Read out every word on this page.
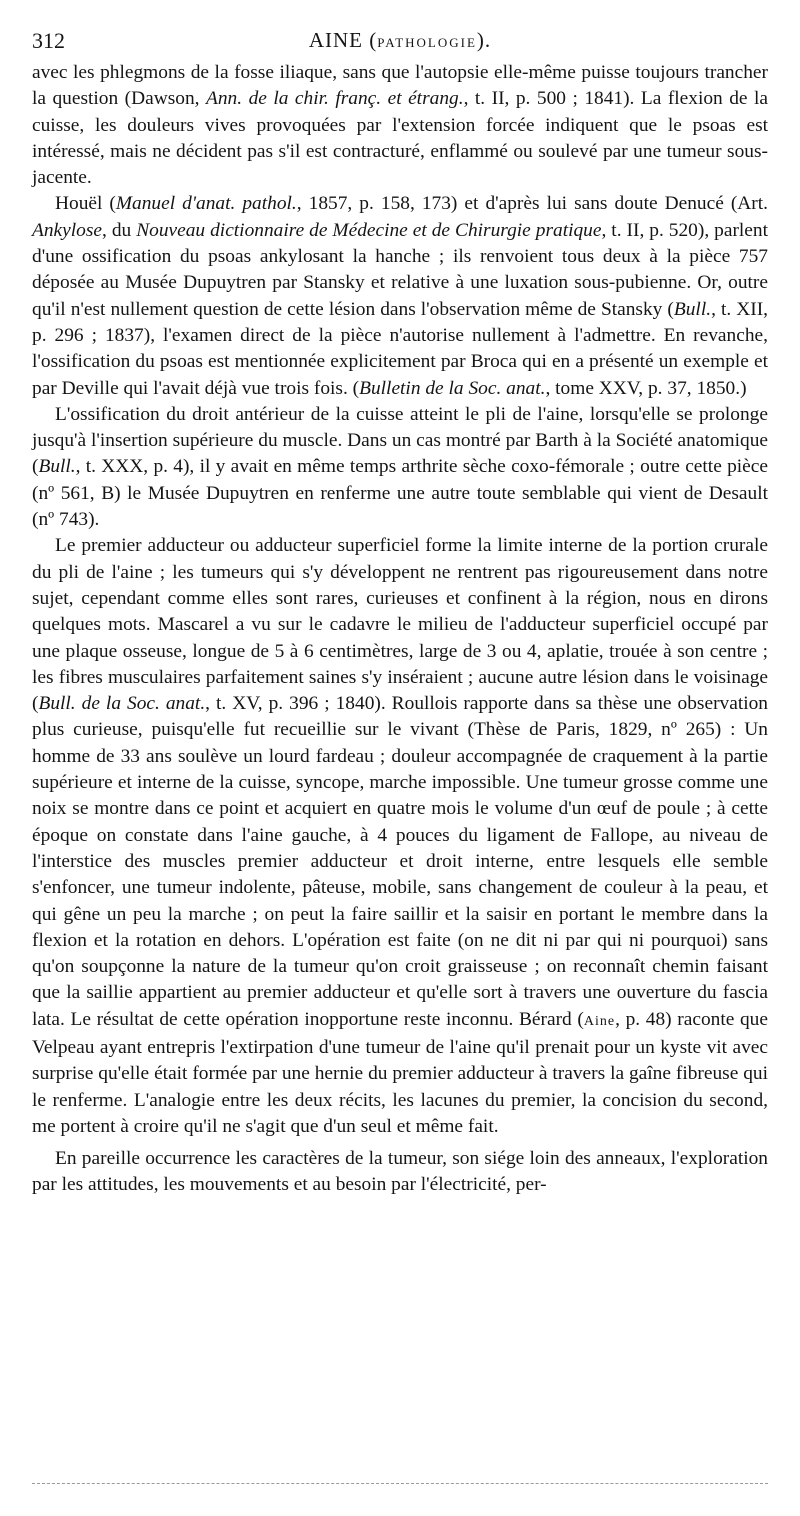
312	AINE (PATHOLOGIE).

avec les phlegmons de la fosse iliaque, sans que l'autopsie elle-même puisse toujours trancher la question (Dawson, Ann. de la chir. franç. et étrang., t. II, p. 500 ; 1841). La flexion de la cuisse, les douleurs vives provoquées par l'extension forcée indiquent que le psoas est intéressé, mais ne décident pas s'il est contracturé, enflammé ou soulevé par une tumeur sous-jacente.

Houël (Manuel d'anat. pathol., 1857, p. 158, 173) et d'après lui sans doute Denucé (Art. Ankylose, du Nouveau dictionnaire de Médecine et de Chirurgie pratique, t. II, p. 520), parlent d'une ossification du psoas ankylosant la hanche ; ils renvoient tous deux à la pièce 757 déposée au Musée Dupuytren par Stansky et relative à une luxation sous-pubienne. Or, outre qu'il n'est nullement question de cette lésion dans l'observation même de Stansky (Bull., t. XII, p. 296 ; 1837), l'examen direct de la pièce n'autorise nullement à l'admettre. En revanche, l'ossification du psoas est mentionnée explicitement par Broca qui en a présenté un exemple et par Deville qui l'avait déjà vue trois fois. (Bulletin de la Soc. anat., tome XXV, p. 37, 1850.)

L'ossification du droit antérieur de la cuisse atteint le pli de l'aine, lorsqu'elle se prolonge jusqu'à l'insertion supérieure du muscle. Dans un cas montré par Barth à la Société anatomique (Bull., t. XXX, p. 4), il y avait en même temps arthrite sèche coxo-fémorale ; outre cette pièce (nº 561, B) le Musée Dupuytren en renferme une autre toute semblable qui vient de Desault (nº 743).

Le premier adducteur ou adducteur superficiel forme la limite interne de la portion crurale du pli de l'aine ; les tumeurs qui s'y développent ne rentrent pas rigoureusement dans notre sujet, cependant comme elles sont rares, curieuses et confinent à la région, nous en dirons quelques mots. Mascarel a vu sur le cadavre le milieu de l'adducteur superficiel occupé par une plaque osseuse, longue de 5 à 6 centimètres, large de 3 ou 4, aplatie, trouée à son centre ; les fibres musculaires parfaitement saines s'y inséraient ; aucune autre lésion dans le voisinage (Bull. de la Soc. anat., t. XV, p. 396 ; 1840). Roullois rapporte dans sa thèse une observation plus curieuse, puisqu'elle fut recueillie sur le vivant (Thèse de Paris, 1829, nº 265) : Un homme de 33 ans soulève un lourd fardeau ; douleur accompagnée de craquement à la partie supérieure et interne de la cuisse, syncope, marche impossible. Une tumeur grosse comme une noix se montre dans ce point et acquiert en quatre mois le volume d'un œuf de poule ; à cette époque on constate dans l'aine gauche, à 4 pouces du ligament de Fallope, au niveau de l'interstice des muscles premier adducteur et droit interne, entre lesquels elle semble s'enfoncer, une tumeur indolente, pâteuse, mobile, sans changement de couleur à la peau, et qui gêne un peu la marche ; on peut la faire saillir et la saisir en portant le membre dans la flexion et la rotation en dehors. L'opération est faite (on ne dit ni par qui ni pourquoi) sans qu'on soupçonne la nature de la tumeur qu'on croit graisseuse ; on reconnaît chemin faisant que la saillie appartient au premier adducteur et qu'elle sort à travers une ouverture du fascia lata. Le résultat de cette opération inopportune reste inconnu. Bérard (Aine, p. 48) raconte que Velpeau ayant entrepris l'extirpation d'une tumeur de l'aine qu'il prenait pour un kyste vit avec surprise qu'elle était formée par une hernie du premier adducteur à travers la gaîne fibreuse qui le renferme. L'analogie entre les deux récits, les lacunes du premier, la concision du second, me portent à croire qu'il ne s'agit que d'un seul et même fait.

En pareille occurrence les caractères de la tumeur, son siége loin des anneaux, l'exploration par les attitudes, les mouvements et au besoin par l'électricité, per-
